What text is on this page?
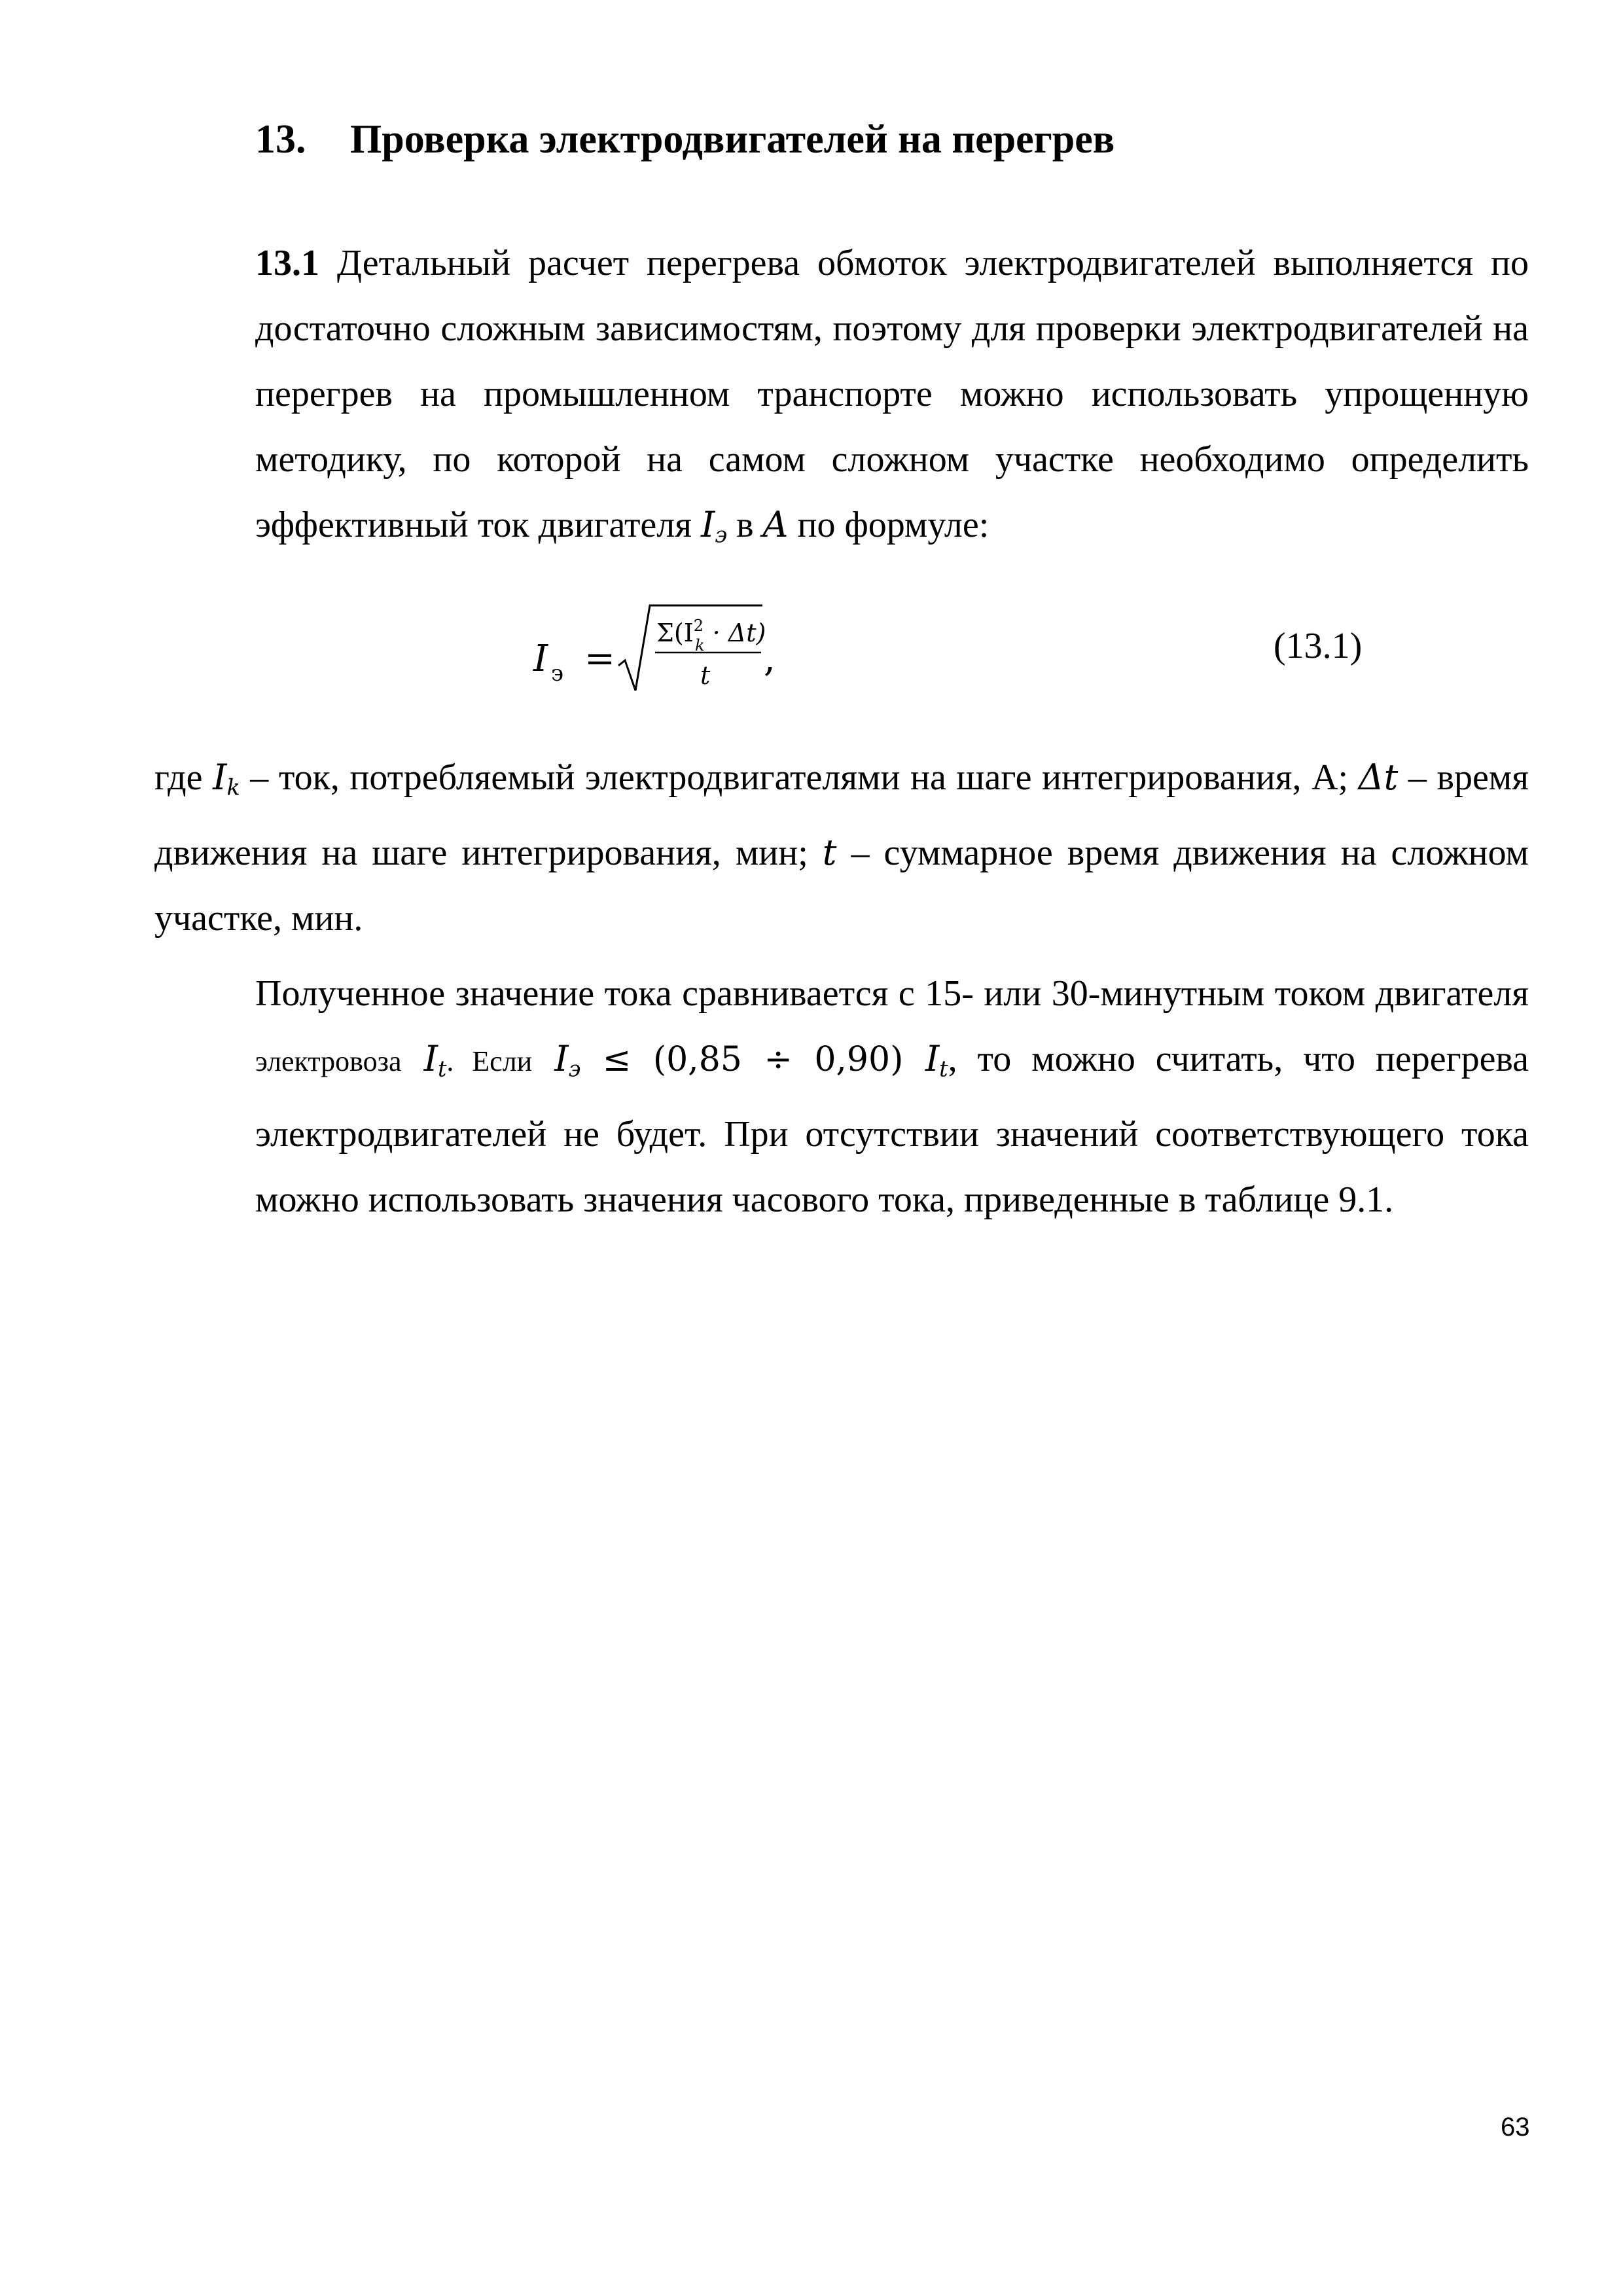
13. Проверка электродвигателей на перегрев

13.1 Детальный расчет перегрева обмоток электродвигателей выполняется по достаточно сложным зависимостям, поэтому для проверки электродвигателей на перегрев на промышленном транспорте можно использовать упрощенную методику, по которой на самом сложном участке необходимо определить эффективный ток двигателя $I_э$ в A по формуле:

I э =
$\Sigma(I^2$ k · Δt)
t ,	(13.1)

где $I_k$ – ток, потребляемый электродвигателями на шаге интегрирования, А; Δt – время движения на шаге интегрирования, мин; t – суммарное время движения на сложном участке, мин.

Полученное значение тока сравнивается с 15- или 30-минутным током двигателя электровоза $I_t$. Если $I_э \le (0,85 \div 0,90)$ $I_t$, то можно считать, что перегрева электродвигателей не будет. При отсутствии значений соответствующего тока можно использовать значения часового тока, приведенные в таблице 9.1.

63
